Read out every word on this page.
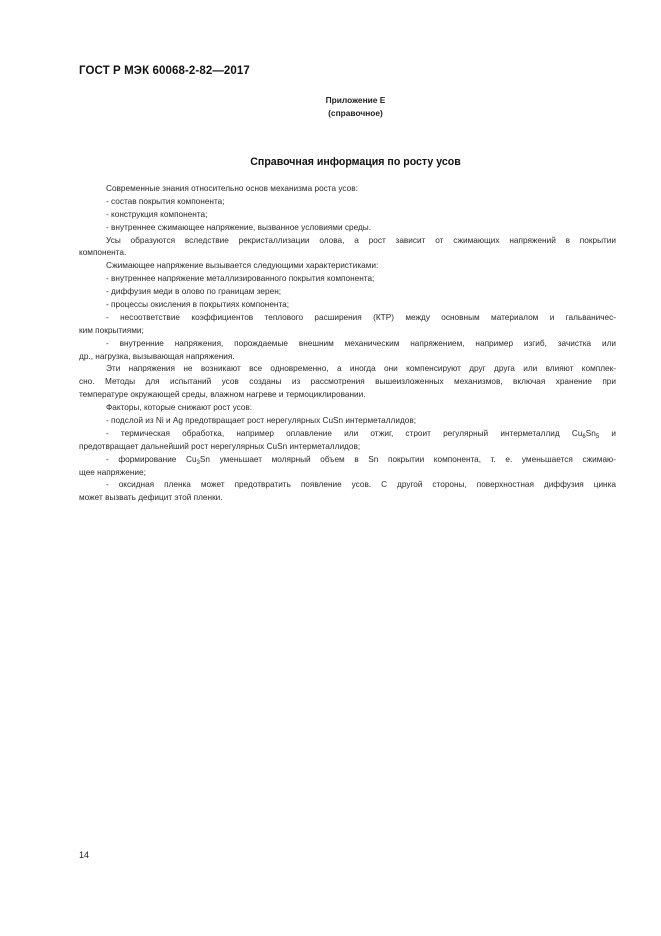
ГОСТ Р МЭК 60068-2-82—2017
Приложение Е
(справочное)
Справочная информация по росту усов
Современные знания относительно основ механизма роста усов:
- состав покрытия компонента;
- конструкция компонента;
- внутреннее сжимающее напряжение, вызванное условиями среды.
Усы образуются вследствие рекристаллизации олова, а рост зависит от сжимающих напряжений в покрытии
компонента.
Сжимающее напряжение вызывается следующими характеристиками:
- внутреннее напряжение металлизированного покрытия компонента;
- диффузия меди в олово по границам зерен;
- процессы окисления в покрытиях компонента;
- несоответствие коэффициентов теплового расширения (КТР) между основным материалом и гальваничес-
ким покрытиями;
- внутренние напряжения, порождаемые внешним механическим напряжением, например изгиб, зачистка или
др., нагрузка, вызывающая напряжения.
Эти напряжения не возникают все одновременно, а иногда они компенсируют друг друга или влияют комплек-
сно. Методы для испытаний усов созданы из рассмотрения вышеизложенных механизмов, включая хранение при
температуре окружающей среды, влажном нагреве и термоциклировании.
Факторы, которые снижают рост усов:
- подслой из Ni и Ag предотвращает рост нерегулярных CuSn интерметаллидов;
- термическая обработка, например оплавление или отжиг, строит регулярный интерметаллид $Cu_6Sn_5$ и
предотвращает дальнейший рост нерегулярных CuSn интерметаллидов;
- формирование $Cu_3Sn$ уменьшает молярный объем в Sn покрытии компонента, т. е. уменьшается сжимаю-
щее напряжение;
- оксидная пленка может предотвратить появление усов. С другой стороны, поверхностная диффузия цинка
может вызвать дефицит этой пленки.
14
